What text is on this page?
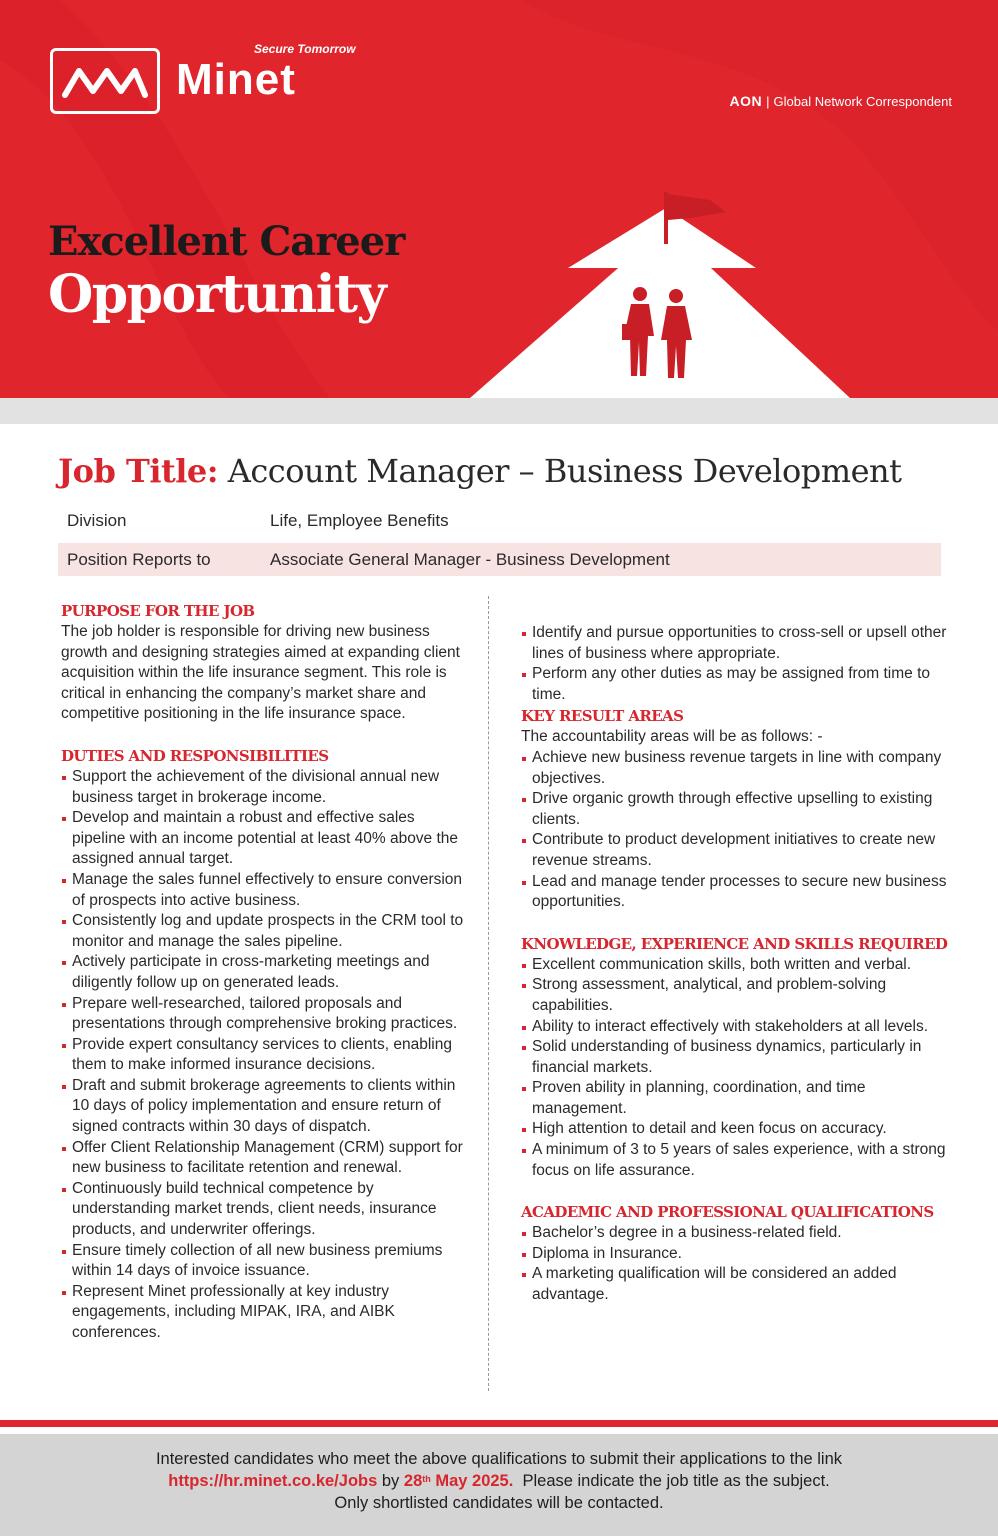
Secure Tomorrow
Minet	AON | Global Network Correspondent
Excellent Career
Opportunity
Job Title: Account Manager – Business Development
Division	Life, Employee Benefits
Position Reports to	Associate General Manager - Business Development
PURPOSE FOR THE JOB

The job holder is responsible for driving new business growth and designing strategies aimed at expanding client acquisition within the life insurance segment. This role is critical in enhancing the company’s market share and competitive positioning in the life insurance space.

DUTIES AND RESPONSIBILITIES
Support the achievement of the divisional annual new business target in brokerage income.
Develop and maintain a robust and effective sales pipeline with an income potential at least 40% above the assigned annual target.
Manage the sales funnel effectively to ensure conversion of prospects into active business.
Consistently log and update prospects in the CRM tool to monitor and manage the sales pipeline.
Actively participate in cross-marketing meetings and diligently follow up on generated leads.
Prepare well-researched, tailored proposals and presentations through comprehensive broking practices.
Provide expert consultancy services to clients, enabling them to make informed insurance decisions.
Draft and submit brokerage agreements to clients within 10 days of policy implementation and ensure return of signed contracts within 30 days of dispatch.
Offer Client Relationship Management (CRM) support for new business to facilitate retention and renewal.
Continuously build technical competence by understanding market trends, client needs, insurance products, and underwriter offerings.
Ensure timely collection of all new business premiums within 14 days of invoice issuance.
Represent Minet professionally at key industry engagements, including MIPAK, IRA, and AIBK conferences.
Identify and pursue opportunities to cross-sell or upsell other lines of business where appropriate.
Perform any other duties as may be assigned from time to time.
KEY RESULT AREAS

The accountability areas will be as follows: -

Achieve new business revenue targets in line with company objectives.
Drive organic growth through effective upselling to existing clients.
Contribute to product development initiatives to create new revenue streams.
Lead and manage tender processes to secure new business opportunities.
KNOWLEDGE, EXPERIENCE AND SKILLS REQUIRED
Excellent communication skills, both written and verbal.
Strong assessment, analytical, and problem-solving capabilities.
Ability to interact effectively with stakeholders at all levels.
Solid understanding of business dynamics, particularly in financial markets.
Proven ability in planning, coordination, and time management.
High attention to detail and keen focus on accuracy.
A minimum of 3 to 5 years of sales experience, with a strong focus on life assurance.
ACADEMIC AND PROFESSIONAL QUALIFICATIONS
Bachelor’s degree in a business-related field.
Diploma in Insurance.
A marketing qualification will be considered an added advantage.
Interested candidates who meet the above qualifications to submit their applications to the link
https://hr.minet.co.ke/Jobs by 28th May 2025.  Please indicate the job title as the subject.
Only shortlisted candidates will be contacted.
